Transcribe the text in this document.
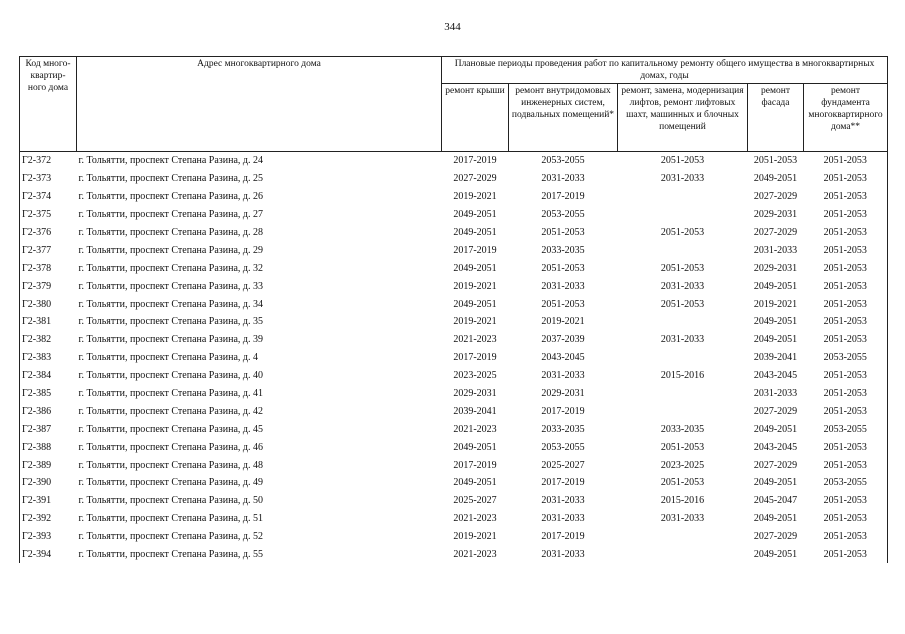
344
Код много-квартир-ного дома	Адрес многоквартирного дома	Плановые периоды проведения работ по капитальному ремонту общего имущества в многоквартирных домах, годы				
		ремонт крыши	ремонт внутридомовых инженерных систем, подвальных помещений*	ремонт, замена, модернизация лифтов, ремонт лифтовых шахт, машинных и блочных помещений	ремонт фасада	ремонт фундамента многоквартирного дома**
Г2-372	г. Тольятти, проспект Степана Разина, д. 24	2017-2019	2053-2055	2051-2053	2051-2053	2051-2053
Г2-373	г. Тольятти, проспект Степана Разина, д. 25	2027-2029	2031-2033	2031-2033	2049-2051	2051-2053
Г2-374	г. Тольятти, проспект Степана Разина, д. 26	2019-2021	2017-2019		2027-2029	2051-2053
Г2-375	г. Тольятти, проспект Степана Разина, д. 27	2049-2051	2053-2055		2029-2031	2051-2053
Г2-376	г. Тольятти, проспект Степана Разина, д. 28	2049-2051	2051-2053	2051-2053	2027-2029	2051-2053
Г2-377	г. Тольятти, проспект Степана Разина, д. 29	2017-2019	2033-2035		2031-2033	2051-2053
Г2-378	г. Тольятти, проспект Степана Разина, д. 32	2049-2051	2051-2053	2051-2053	2029-2031	2051-2053
Г2-379	г. Тольятти, проспект Степана Разина, д. 33	2019-2021	2031-2033	2031-2033	2049-2051	2051-2053
Г2-380	г. Тольятти, проспект Степана Разина, д. 34	2049-2051	2051-2053	2051-2053	2019-2021	2051-2053
Г2-381	г. Тольятти, проспект Степана Разина, д. 35	2019-2021	2019-2021		2049-2051	2051-2053
Г2-382	г. Тольятти, проспект Степана Разина, д. 39	2021-2023	2037-2039	2031-2033	2049-2051	2051-2053
Г2-383	г. Тольятти, проспект Степана Разина, д. 4	2017-2019	2043-2045		2039-2041	2053-2055
Г2-384	г. Тольятти, проспект Степана Разина, д. 40	2023-2025	2031-2033	2015-2016	2043-2045	2051-2053
Г2-385	г. Тольятти, проспект Степана Разина, д. 41	2029-2031	2029-2031		2031-2033	2051-2053
Г2-386	г. Тольятти, проспект Степана Разина, д. 42	2039-2041	2017-2019		2027-2029	2051-2053
Г2-387	г. Тольятти, проспект Степана Разина, д. 45	2021-2023	2033-2035	2033-2035	2049-2051	2053-2055
Г2-388	г. Тольятти, проспект Степана Разина, д. 46	2049-2051	2053-2055	2051-2053	2043-2045	2051-2053
Г2-389	г. Тольятти, проспект Степана Разина, д. 48	2017-2019	2025-2027	2023-2025	2027-2029	2051-2053
Г2-390	г. Тольятти, проспект Степана Разина, д. 49	2049-2051	2017-2019	2051-2053	2049-2051	2053-2055
Г2-391	г. Тольятти, проспект Степана Разина, д. 50	2025-2027	2031-2033	2015-2016	2045-2047	2051-2053
Г2-392	г. Тольятти, проспект Степана Разина, д. 51	2021-2023	2031-2033	2031-2033	2049-2051	2051-2053
Г2-393	г. Тольятти, проспект Степана Разина, д. 52	2019-2021	2017-2019		2027-2029	2051-2053
Г2-394	г. Тольятти, проспект Степана Разина, д. 55	2021-2023	2031-2033		2049-2051	2051-2053
